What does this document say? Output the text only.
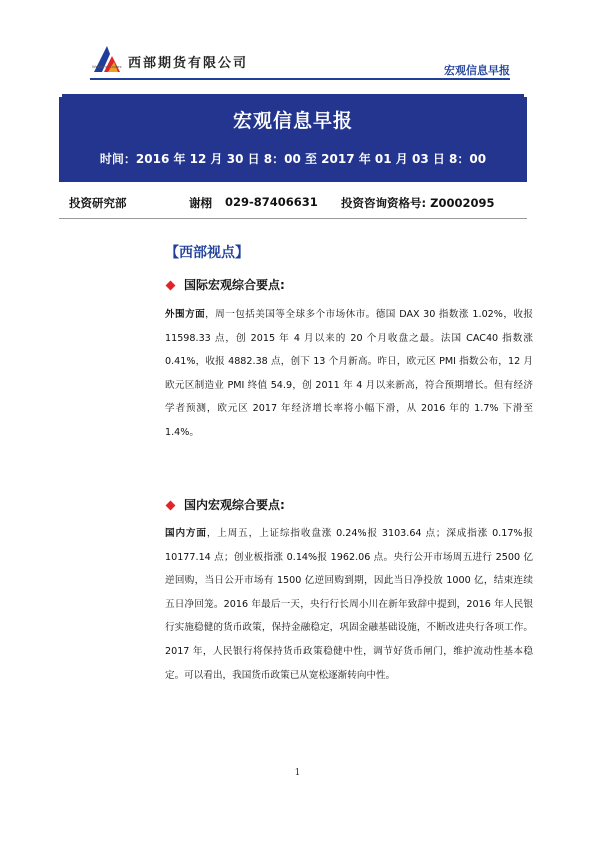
Western Futures 西部期货有限公司	宏观信息早报
宏观信息早报
时间：2016 年 12 月 30 日 8：00 至 2017 年 01 月 03 日 8：00
投资研究部	谢栩 029-87406631 投资咨询资格号: Z0002095
【西部视点】
国际宏观综合要点:
外围方面，周一包括美国等全球多个市场休市。德国 DAX 30 指数涨 1.02%，收报 11598.33 点，创 2015 年 4 月以来的 20 个月收盘之最。法国 CAC40 指数涨 0.41%，收报 4882.38 点，创下 13 个月新高。昨日，欧元区 PMI 指数公布，12 月欧元区制造业 PMI 终值 54.9，创 2011 年 4 月以来新高，符合预期增长。但有经济学者预测，欧元区 2017 年经济增长率将小幅下滑，从 2016 年的 1.7% 下滑至 1.4%。
国内宏观综合要点:
国内方面，上周五，上证综指收盘涨 0.24%报 3103.64 点；深成指涨 0.17%报 10177.14 点；创业板指涨 0.14%报 1962.06 点。央行公开市场周五进行 2500 亿逆回购，当日公开市场有 1500 亿逆回购到期，因此当日净投放 1000 亿，结束连续五日净回笼。2016 年最后一天，央行行长周小川在新年致辞中提到，2016 年人民银行实施稳健的货币政策，保持金融稳定，巩固金融基础设施，不断改进央行各项工作。2017 年，人民银行将保持货币政策稳健中性，调节好货币闸门，维护流动性基本稳定。可以看出，我国货币政策已从宽松逐渐转向中性。
1
